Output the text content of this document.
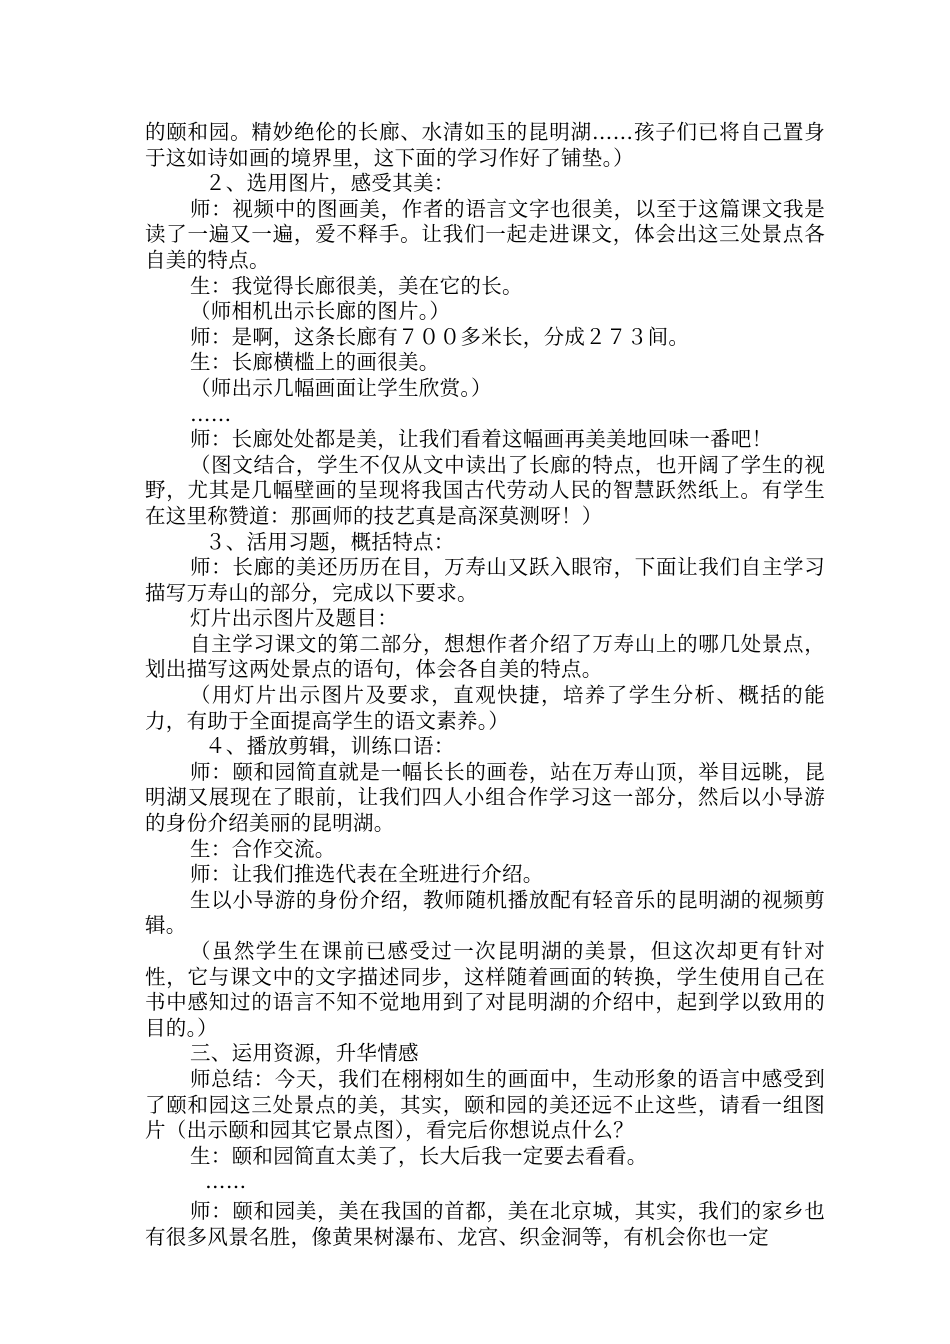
的颐和园。精妙绝伦的长廊、水清如玉的昆明湖……孩子们已将自己置身于这如诗如画的境界里，这下面的学习作好了铺垫。）

２、选用图片，感受其美：

师：视频中的图画美，作者的语言文字也很美，以至于这篇课文我是读了一遍又一遍，爱不释手。让我们一起走进课文，体会出这三处景点各自美的特点。

生：我觉得长廊很美，美在它的长。

（师相机出示长廊的图片。）

师：是啊，这条长廊有７００多米长，分成２７３间。

生：长廊横槛上的画很美。

（师出示几幅画面让学生欣赏。）

……

师：长廊处处都是美，让我们看着这幅画再美美地回味一番吧！

（图文结合，学生不仅从文中读出了长廊的特点，也开阔了学生的视野，尤其是几幅壁画的呈现将我国古代劳动人民的智慧跃然纸上。有学生在这里称赞道：那画师的技艺真是高深莫测呀！）

３、活用习题，概括特点：

师：长廊的美还历历在目，万寿山又跃入眼帘，下面让我们自主学习描写万寿山的部分，完成以下要求。

灯片出示图片及题目：

自主学习课文的第二部分，想想作者介绍了万寿山上的哪几处景点，划出描写这两处景点的语句，体会各自美的特点。

（用灯片出示图片及要求，直观快捷，培养了学生分析、概括的能力，有助于全面提高学生的语文素养。）

４、播放剪辑，训练口语：

师：颐和园简直就是一幅长长的画卷，站在万寿山顶，举目远眺，昆明湖又展现在了眼前，让我们四人小组合作学习这一部分，然后以小导游的身份介绍美丽的昆明湖。

生：合作交流。

师：让我们推选代表在全班进行介绍。

生以小导游的身份介绍，教师随机播放配有轻音乐的昆明湖的视频剪辑。

（虽然学生在课前已感受过一次昆明湖的美景，但这次却更有针对性，它与课文中的文字描述同步，这样随着画面的转换，学生使用自己在书中感知过的语言不知不觉地用到了对昆明湖的介绍中，起到学以致用的目的。）

三、运用资源，升华情感

师总结：今天，我们在栩栩如生的画面中，生动形象的语言中感受到了颐和园这三处景点的美，其实，颐和园的美还远不止这些，请看一组图片（出示颐和园其它景点图），看完后你想说点什么？

生：颐和园简直太美了，长大后我一定要去看看。

……

师：颐和园美，美在我国的首都，美在北京城，其实，我们的家乡也有很多风景名胜，像黄果树瀑布、龙宫、织金洞等，有机会你也一定
